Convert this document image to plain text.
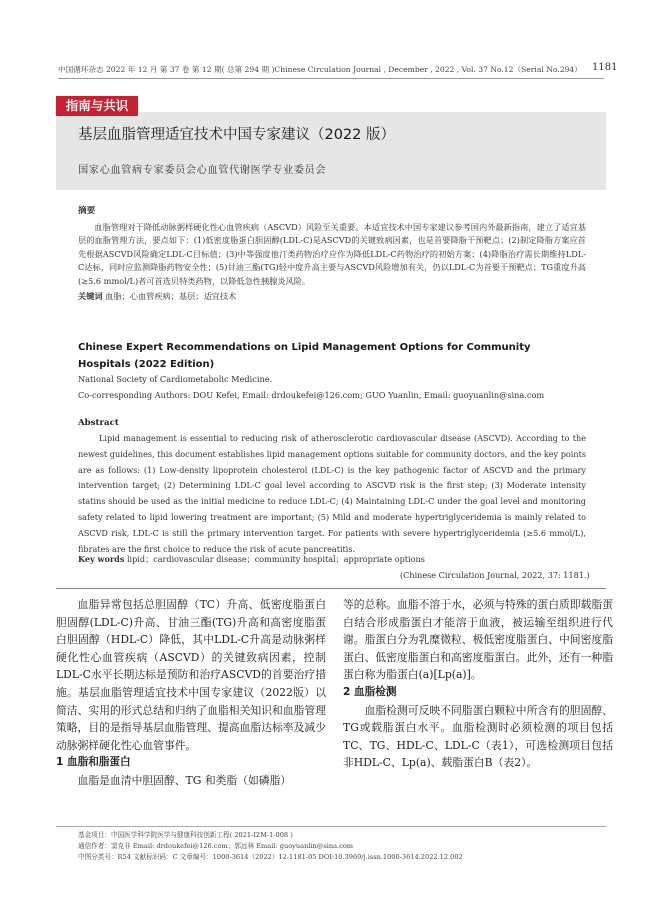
中国循环杂志 2022 年 12 月 第 37 卷 第 12 期( 总第 294 期 )Chinese Circulation Journal , December , 2022 , Vol. 37 No.12（Serial No.294）	1181
指南与共识
基层血脂管理适宜技术中国专家建议（2022 版）
国家心血管病专家委员会心血管代谢医学专业委员会
摘要
血脂管理对于降低动脉粥样硬化性心血管疾病（ASCVD）风险至关重要。本适宜技术中国专家建议参考国内外最新指南，建立了适宜基层的血脂管理方法，要点如下：(1)低密度脂蛋白胆固醇(LDL-C)是ASCVD的关键致病因素，也是首要降脂干预靶点；(2)制定降脂方案应首先根据ASCVD风险确定LDL-C目标值；(3)中等强度他汀类药物治疗应作为降低LDL-C药物治疗的初始方案；(4)降脂治疗需长期维持LDL-C达标，同时应监测降脂药物安全性；(5)甘油三酯(TG)轻中度升高主要与ASCVD风险增加有关，仍以LDL-C为首要干预靶点；TG重度升高(≥5.6 mmol/L)者可首选贝特类药物，以降低急性胰腺炎风险。
关键词 血脂；心血管疾病；基层；适宜技术
Chinese Expert Recommendations on Lipid Management Options for Community Hospitals (2022 Edition)
National Society of Cardiometabolic Medicine.
Co-corresponding Authors: DOU Kefei, Email: drdoukefei@126.com; GUO Yuanlin, Email: guoyuanlin@sina.com
Abstract
Lipid management is essential to reducing risk of atherosclerotic cardiovascular disease (ASCVD). According to the newest guidelines, this document establishes lipid management options suitable for community doctors, and the key points are as follows: (1) Low-density lipoprotein cholesterol (LDL-C) is the key pathogenic factor of ASCVD and the primary intervention target; (2) Determining LDL-C goal level according to ASCVD risk is the first step; (3) Moderate intensity statins should be used as the initial medicine to reduce LDL-C; (4) Maintaining LDL-C under the goal level and monitoring safety related to lipid lowering treatment are important; (5) Mild and moderate hypertriglyceridemia is mainly related to ASCVD risk, LDL-C is still the primary intervention target. For patients with severe hypertriglyceridemia (≥5.6 mmol/L), fibrates are the first choice to reduce the risk of acute pancreatitis.
Key words lipid；cardiovascular disease；community hospital；appropriate options
(Chinese Circulation Journal, 2022, 37: 1181.)

血脂异常包括总胆固醇（TC）升高、低密度脂蛋白胆固醇(LDL-C)升高、甘油三酯(TG)升高和高密度脂蛋白胆固醇（HDL-C）降低，其中LDL-C升高是动脉粥样硬化性心血管疾病（ASCVD）的关键致病因素，控制LDL-C水平长期达标是预防和治疗ASCVD的首要治疗措施。基层血脂管理适宜技术中国专家建议（2022版）以简洁、实用的形式总结和归纳了血脂相关知识和血脂管理策略，目的是指导基层血脂管理、提高血脂达标率及减少动脉粥样硬化性心血管事件。

1 血脂和脂蛋白

血脂是血清中胆固醇、TG 和类脂（如磷脂）

等的总称。血脂不溶于水，必须与特殊的蛋白质即载脂蛋白结合形成脂蛋白才能溶于血液，被运输至组织进行代谢。脂蛋白分为乳糜微粒、极低密度脂蛋白、中间密度脂蛋白、低密度脂蛋白和高密度脂蛋白。此外，还有一种脂蛋白称为脂蛋白(a)[Lp(a)]。

2 血脂检测

血脂检测可反映不同脂蛋白颗粒中所含有的胆固醇、TG或载脂蛋白水平。血脂检测时必须检测的项目包括TC、TG、HDL-C、LDL-C（表1），可选检测项目包括非HDL-C、Lp(a)、载脂蛋白B（表2）。

基金项目：中国医学科学院医学与健康科技创新工程( 2021-I2M-1-008 )
通信作者：窦克非 Email: drdoukefei@126.com；郭远林 Email: guoyuanlin@sina.com
中图分类号：R54 文献标识码：C 文章编号：1000-3614（2022）12-1181-05 DOI:10.3969/j.issn.1000-3614.2022.12.002
